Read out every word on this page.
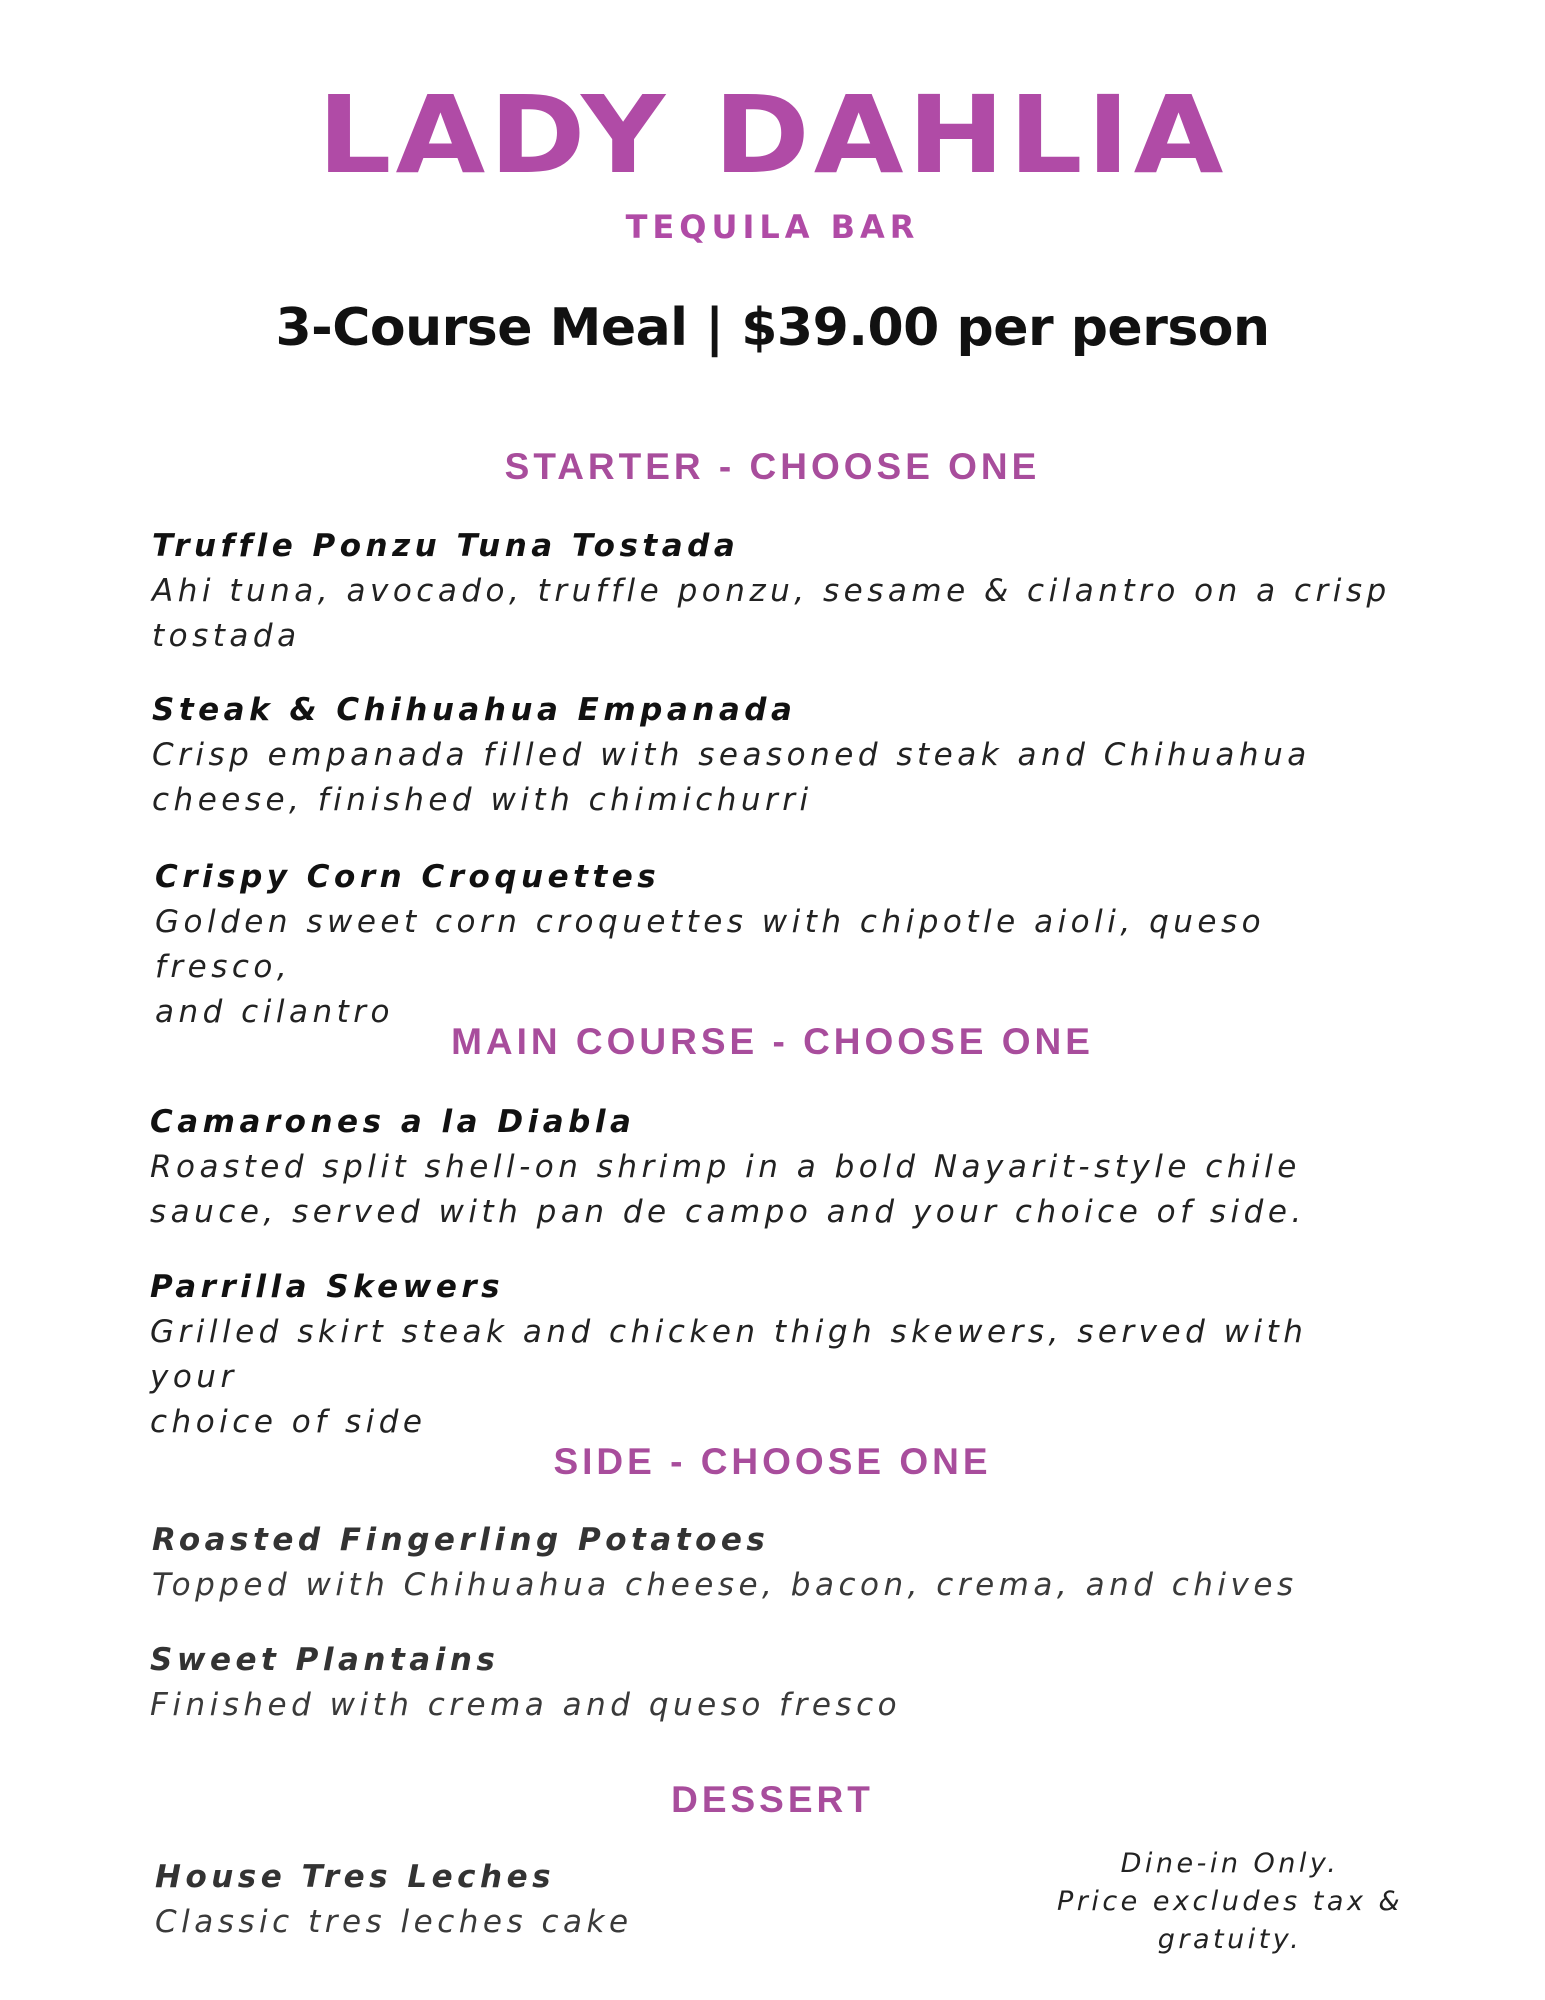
LADY DAHLIA
TEQUILA BAR
3-Course Meal | $39.00 per person
STARTER - CHOOSE ONE
Truffle Ponzu Tuna Tostada
Ahi tuna, avocado, truffle ponzu, sesame & cilantro on a crisp
tostada
Steak & Chihuahua Empanada
Crisp empanada filled with seasoned steak and Chihuahua
cheese, finished with chimichurri
Crispy Corn Croquettes
Golden sweet corn croquettes with chipotle aioli, queso fresco,
and cilantro
MAIN COURSE - CHOOSE ONE
Camarones a la Diabla
Roasted split shell-on shrimp in a bold Nayarit-style chile
sauce, served with pan de campo and your choice of side.
Parrilla Skewers
Grilled skirt steak and chicken thigh skewers, served with your
choice of side
SIDE - CHOOSE ONE
Roasted Fingerling Potatoes
Topped with Chihuahua cheese, bacon, crema, and chives
Sweet Plantains
Finished with crema and queso fresco
DESSERT
House Tres Leches
Classic tres leches cake
Dine-in Only.
Price excludes tax & gratuity.
